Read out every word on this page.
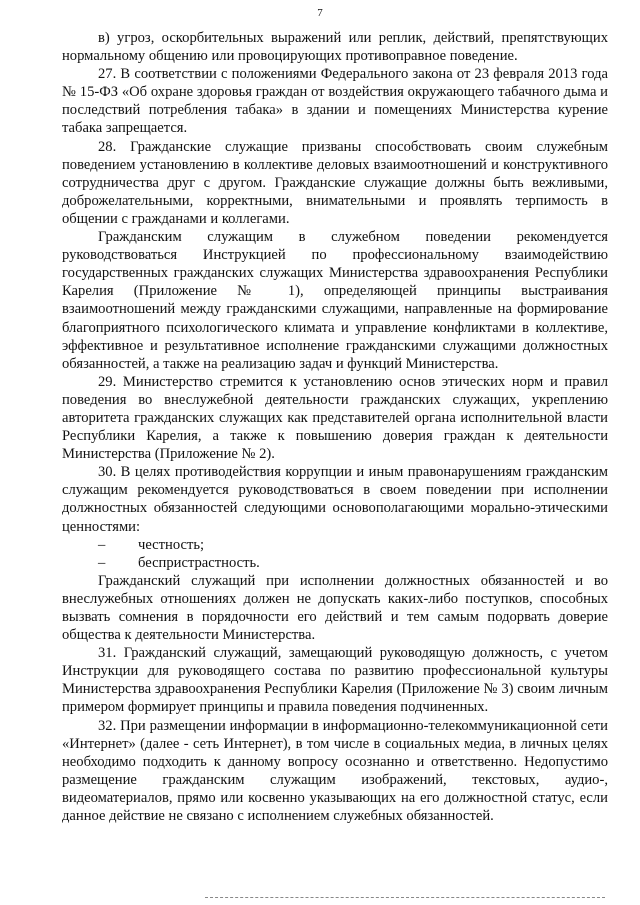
7

в) угроз, оскорбительных выражений или реплик, действий, препятствующих нормальному общению или провоцирующих противоправное поведение.

27. В соответствии с положениями Федерального закона от 23 февраля 2013 года № 15-ФЗ «Об охране здоровья граждан от воздействия окружающего табачного дыма и последствий потребления табака» в здании и помещениях Министерства курение табака запрещается.

28. Гражданские служащие призваны способствовать своим служебным поведением установлению в коллективе деловых взаимоотношений и конструктивного сотрудничества друг с другом. Гражданские служащие должны быть вежливыми, доброжелательными, корректными, внимательными и проявлять терпимость в общении с гражданами и коллегами.

Гражданским служащим в служебном поведении рекомендуется руководствоваться Инструкцией по профессиональному взаимодействию государственных гражданских служащих Министерства здравоохранения Республики Карелия (Приложение № 1), определяющей принципы выстраивания взаимоотношений между гражданскими служащими, направленные на формирование благоприятного психологического климата и управление конфликтами в коллективе, эффективное и результативное исполнение гражданскими служащими должностных обязанностей, а также на реализацию задач и функций Министерства.

29. Министерство стремится к установлению основ этических норм и правил поведения во внеслужебной деятельности гражданских служащих, укреплению авторитета гражданских служащих как представителей органа исполнительной власти Республики Карелия, а также к повышению доверия граждан к деятельности Министерства (Приложение № 2).

30. В целях противодействия коррупции и иным правонарушениям гражданским служащим рекомендуется руководствоваться в своем поведении при исполнении должностных обязанностей следующими основополагающими морально-этическими ценностями:

– честность;
– беспристрастность.

Гражданский служащий при исполнении должностных обязанностей и во внеслужебных отношениях должен не допускать каких-либо поступков, способных вызвать сомнения в порядочности его действий и тем самым подорвать доверие общества к деятельности Министерства.

31. Гражданский служащий, замещающий руководящую должность, с учетом Инструкции для руководящего состава по развитию профессиональной культуры Министерства здравоохранения Республики Карелия (Приложение № 3) своим личным примером формирует принципы и правила поведения подчиненных.

32. При размещении информации в информационно-телекоммуникационной сети «Интернет» (далее - сеть Интернет), в том числе в социальных медиа, в личных целях необходимо подходить к данному вопросу осознанно и ответственно. Недопустимо размещение гражданским служащим изображений, текстовых, аудио-, видеоматериалов, прямо или косвенно указывающих на его должностной статус, если данное действие не связано с исполнением служебных обязанностей.
